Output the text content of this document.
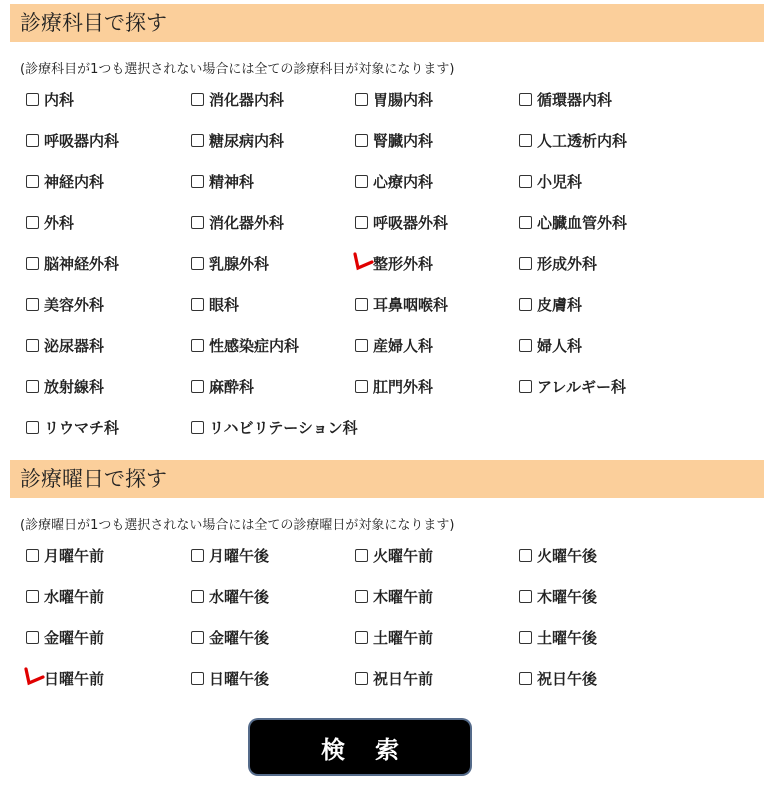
診療科目で探す
(診療科目が1つも選択されない場合には全ての診療科目が対象になります)
内科	消化器内科	胃腸内科	循環器内科
呼吸器内科	糖尿病内科	腎臓内科	人工透析内科
神経内科	精神科	心療内科	小児科
外科	消化器外科	呼吸器外科	心臓血管外科
脳神経外科	乳腺外科	整形外科	形成外科
美容外科	眼科	耳鼻咽喉科	皮膚科
泌尿器科	性感染症内科	産婦人科	婦人科
放射線科	麻酔科	肛門外科	アレルギー科
リウマチ科	リハビリテーション科
診療曜日で探す
(診療曜日が1つも選択されない場合には全ての診療曜日が対象になります)
月曜午前	月曜午後	火曜午前	火曜午後
水曜午前	水曜午後	木曜午前	木曜午後
金曜午前	金曜午後	土曜午前	土曜午後
日曜午前	日曜午後	祝日午前	祝日午後
検索
